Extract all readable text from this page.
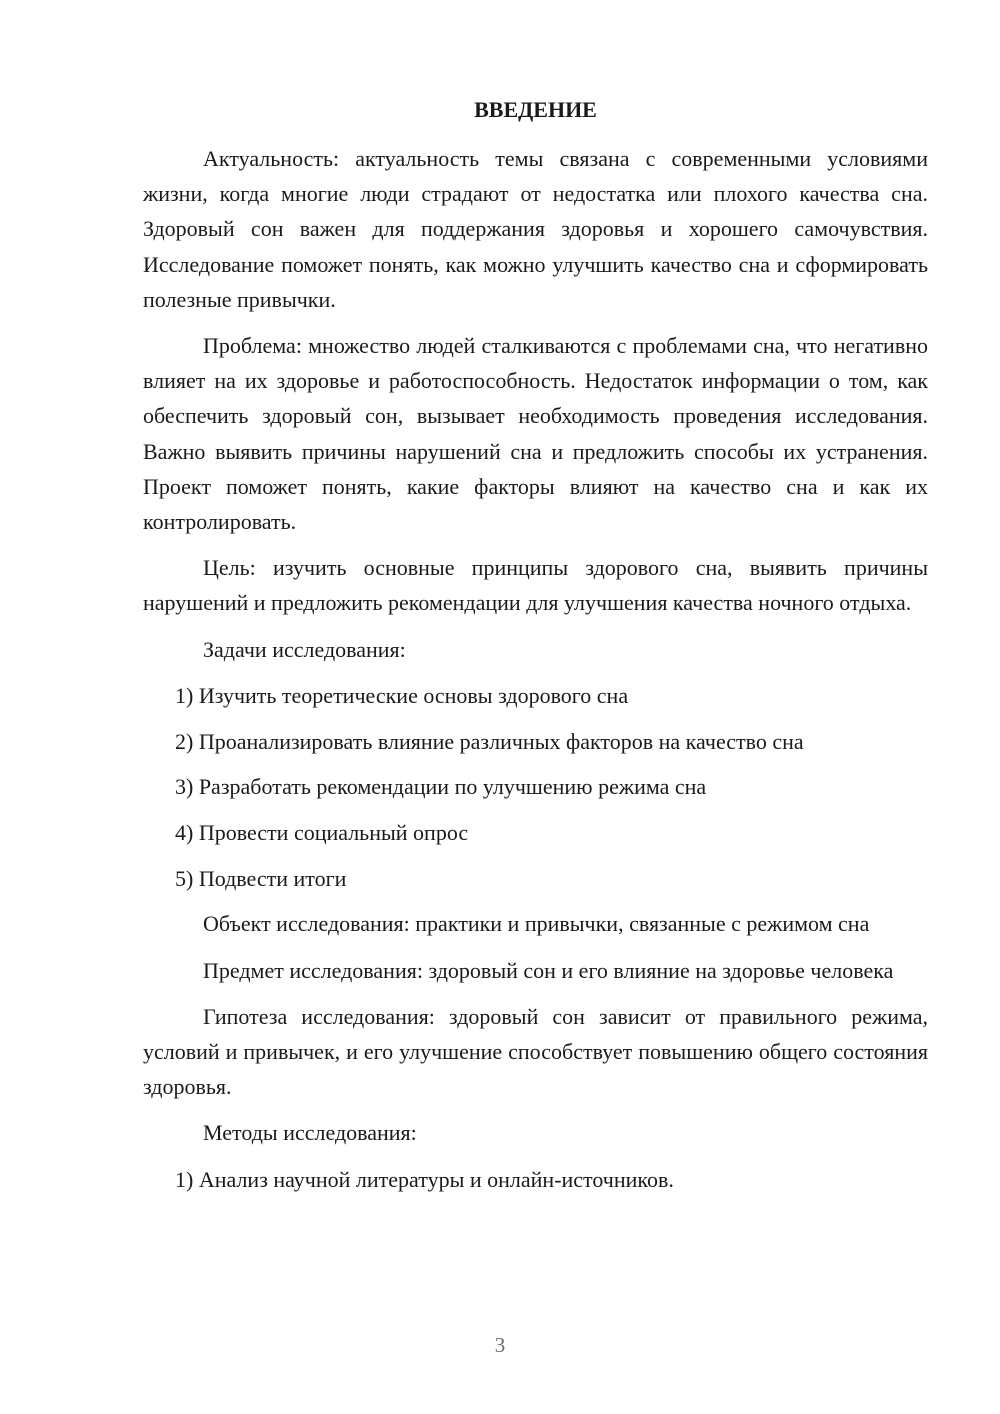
ВВЕДЕНИЕ

Актуальность: актуальность темы связана с современными условиями жизни, когда многие люди страдают от недостатка или плохого качества сна. Здоровый сон важен для поддержания здоровья и хорошего самочувствия. Исследование поможет понять, как можно улучшить качество сна и сформировать полезные привычки.

Проблема: множество людей сталкиваются с проблемами сна, что негативно влияет на их здоровье и работоспособность. Недостаток информации о том, как обеспечить здоровый сон, вызывает необходимость проведения исследования. Важно выявить причины нарушений сна и предложить способы их устранения. Проект поможет понять, какие факторы влияют на качество сна и как их контролировать.

Цель: изучить основные принципы здорового сна, выявить причины нарушений и предложить рекомендации для улучшения качества ночного отдыха.

Задачи исследования:

1) Изучить теоретические основы здорового сна
2) Проанализировать влияние различных факторов на качество сна
3) Разработать рекомендации по улучшению режима сна
4) Провести социальный опрос
5) Подвести итоги

Объект исследования: практики и привычки, связанные с режимом сна

Предмет исследования: здоровый сон и его влияние на здоровье человека

Гипотеза исследования: здоровый сон зависит от правильного режима, условий и привычек, и его улучшение способствует повышению общего состояния здоровья.

Методы исследования:

1) Анализ научной литературы и онлайн-источников.
3
